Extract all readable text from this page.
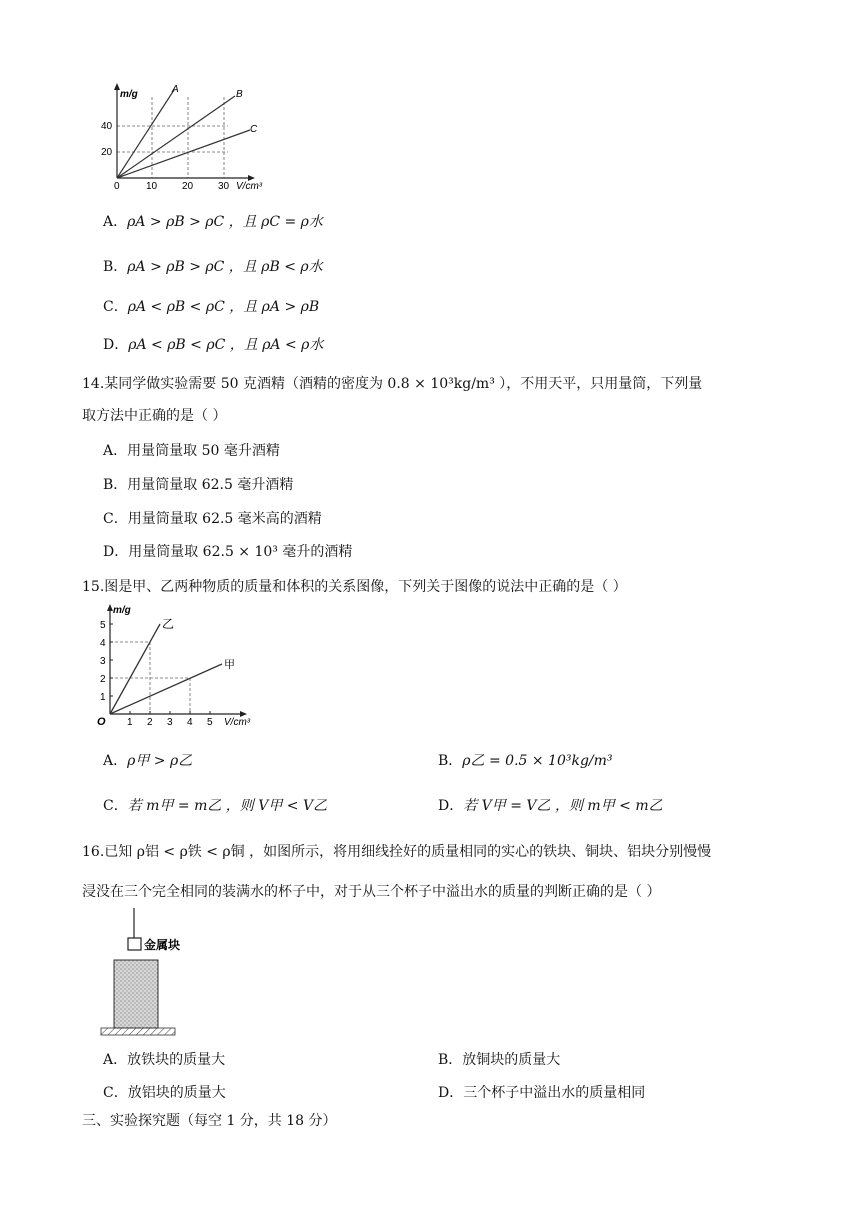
m/g	A	B
C
40
20
0	10 20 30 V/cm³
A．ρA > ρB > ρC ，且 ρC = ρ水
B．ρA > ρB > ρC ，且 ρB < ρ水
C．ρA < ρB < ρC ，且 ρA > ρB
D．ρA < ρB < ρC ，且 ρA < ρ水
14.某同学做实验需要 50 克酒精（酒精的密度为 0.8 × 10³kg/m³ ），不用天平，只用量筒，下列量
取方法中正确的是（ ）
A．用量筒量取 50 毫升酒精
B．用量筒量取 62.5 毫升酒精
C．用量筒量取 62.5 毫米高的酒精
D．用量筒量取 62.5 × 10³ 毫升的酒精
15.图是甲、乙两种物质的质量和体积的关系图像，下列关于图像的说法中正确的是（ ）
m/g
乙
甲
5
4
3
2
1
O 1 2 3 4 5 V/cm³
A．ρ甲 > ρ乙	B．ρ乙 = 0.5 × 10³kg/m³
C．若 m甲 = m乙 ，则 V甲 < V乙	D．若 V甲 = V乙 ，则 m甲 < m乙
16.已知 ρ铝 < ρ铁 < ρ铜 ，如图所示，将用细线拴好的质量相同的实心的铁块、铜块、铝块分别慢慢
浸没在三个完全相同的装满水的杯子中，对于从三个杯子中溢出水的质量的判断正确的是（ ）
金属块
A．放铁块的质量大	B．放铜块的质量大
C．放铝块的质量大	D．三个杯子中溢出水的质量相同
三、实验探究题（每空 1 分，共 18 分）
